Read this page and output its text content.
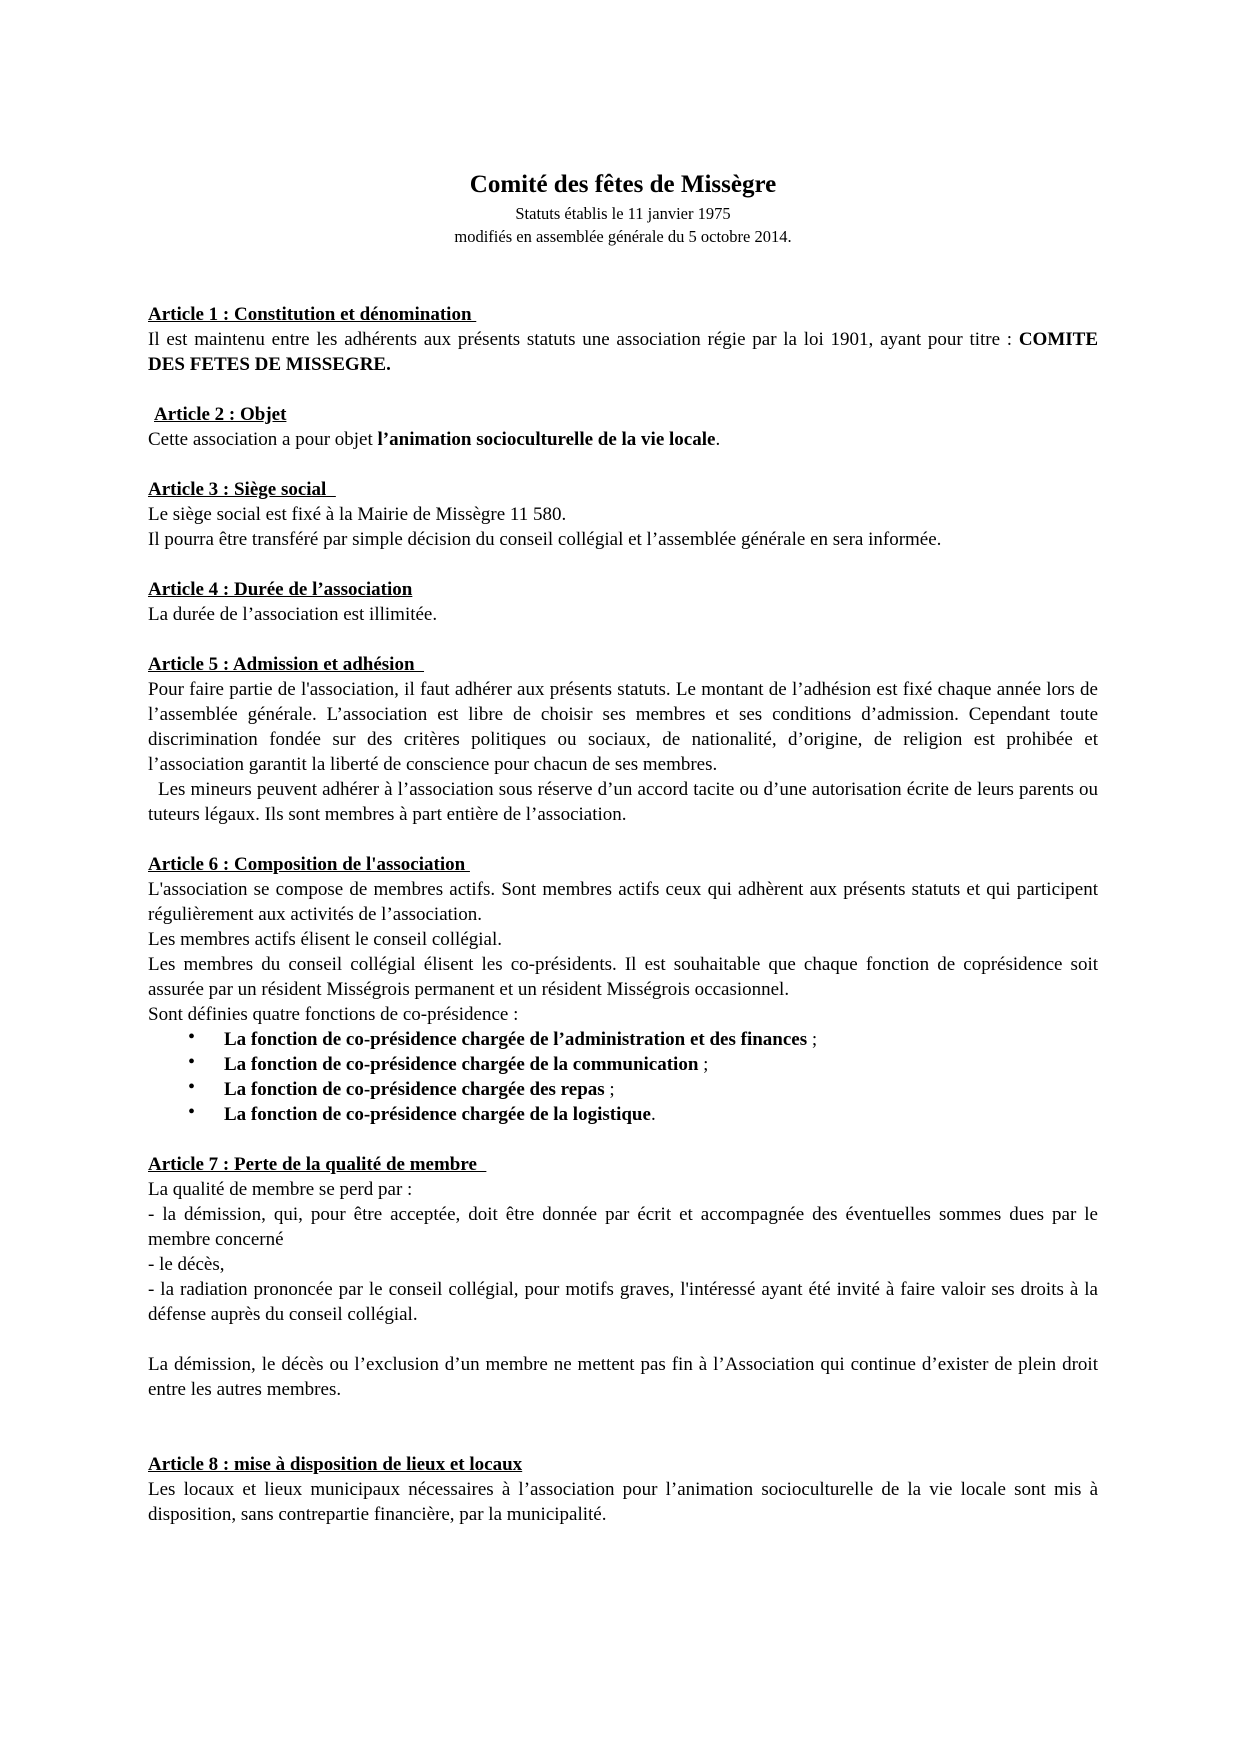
Comité des fêtes de Missègre
Statuts établis le 11 janvier 1975
modifiés en assemblée générale du 5 octobre 2014.
Article 1 : Constitution et dénomination

Il est maintenu entre les adhérents aux présents statuts une association régie par la loi 1901, ayant pour titre : COMITE DES FETES DE MISSEGRE.

Article 2 : Objet

Cette association a pour objet l’animation socioculturelle de la vie locale.

Article 3 : Siège social

Le siège social est fixé à la Mairie de Missègre 11 580.

Il pourra être transféré par simple décision du conseil collégial et l’assemblée générale en sera informée.

Article 4 : Durée de l’association

La durée de l’association est illimitée.

Article 5 : Admission et adhésion

Pour faire partie de l'association, il faut adhérer aux présents statuts. Le montant de l’adhésion est fixé chaque année lors de l’assemblée générale. L’association est libre de choisir ses membres et ses conditions d’admission. Cependant toute discrimination fondée sur des critères politiques ou sociaux, de nationalité, d’origine, de religion est prohibée et l’association garantit la liberté de conscience pour chacun de ses membres.

Les mineurs peuvent adhérer à l’association sous réserve d’un accord tacite ou d’une autorisation écrite de leurs parents ou tuteurs légaux. Ils sont membres à part entière de l’association.

Article 6 : Composition de l'association

L'association se compose de membres actifs. Sont membres actifs ceux qui adhèrent aux présents statuts et qui participent régulièrement aux activités de l’association.

Les membres actifs élisent le conseil collégial.

Les membres du conseil collégial élisent les co-présidents. Il est souhaitable que chaque fonction de coprésidence soit assurée par un résident Misségrois permanent et un résident Misségrois occasionnel.

Sont définies quatre fonctions de co-présidence :

• La fonction de co-présidence chargée de l’administration et des finances ;
• La fonction de co-présidence chargée de la communication ;
• La fonction de co-présidence chargée des repas ;
• La fonction de co-présidence chargée de la logistique.
Article 7 : Perte de la qualité de membre

La qualité de membre se perd par :

- la démission, qui, pour être acceptée, doit être donnée par écrit et accompagnée des éventuelles sommes dues par le membre concerné

- le décès,

- la radiation prononcée par le conseil collégial, pour motifs graves, l'intéressé ayant été invité à faire valoir ses droits à la défense auprès du conseil collégial.

La démission, le décès ou l’exclusion d’un membre ne mettent pas fin à l’Association qui continue d’exister de plein droit entre les autres membres.

Article 8 : mise à disposition de lieux et locaux

Les locaux et lieux municipaux nécessaires à l’association pour l’animation socioculturelle de la vie locale sont mis à disposition, sans contrepartie financière, par la municipalité.
